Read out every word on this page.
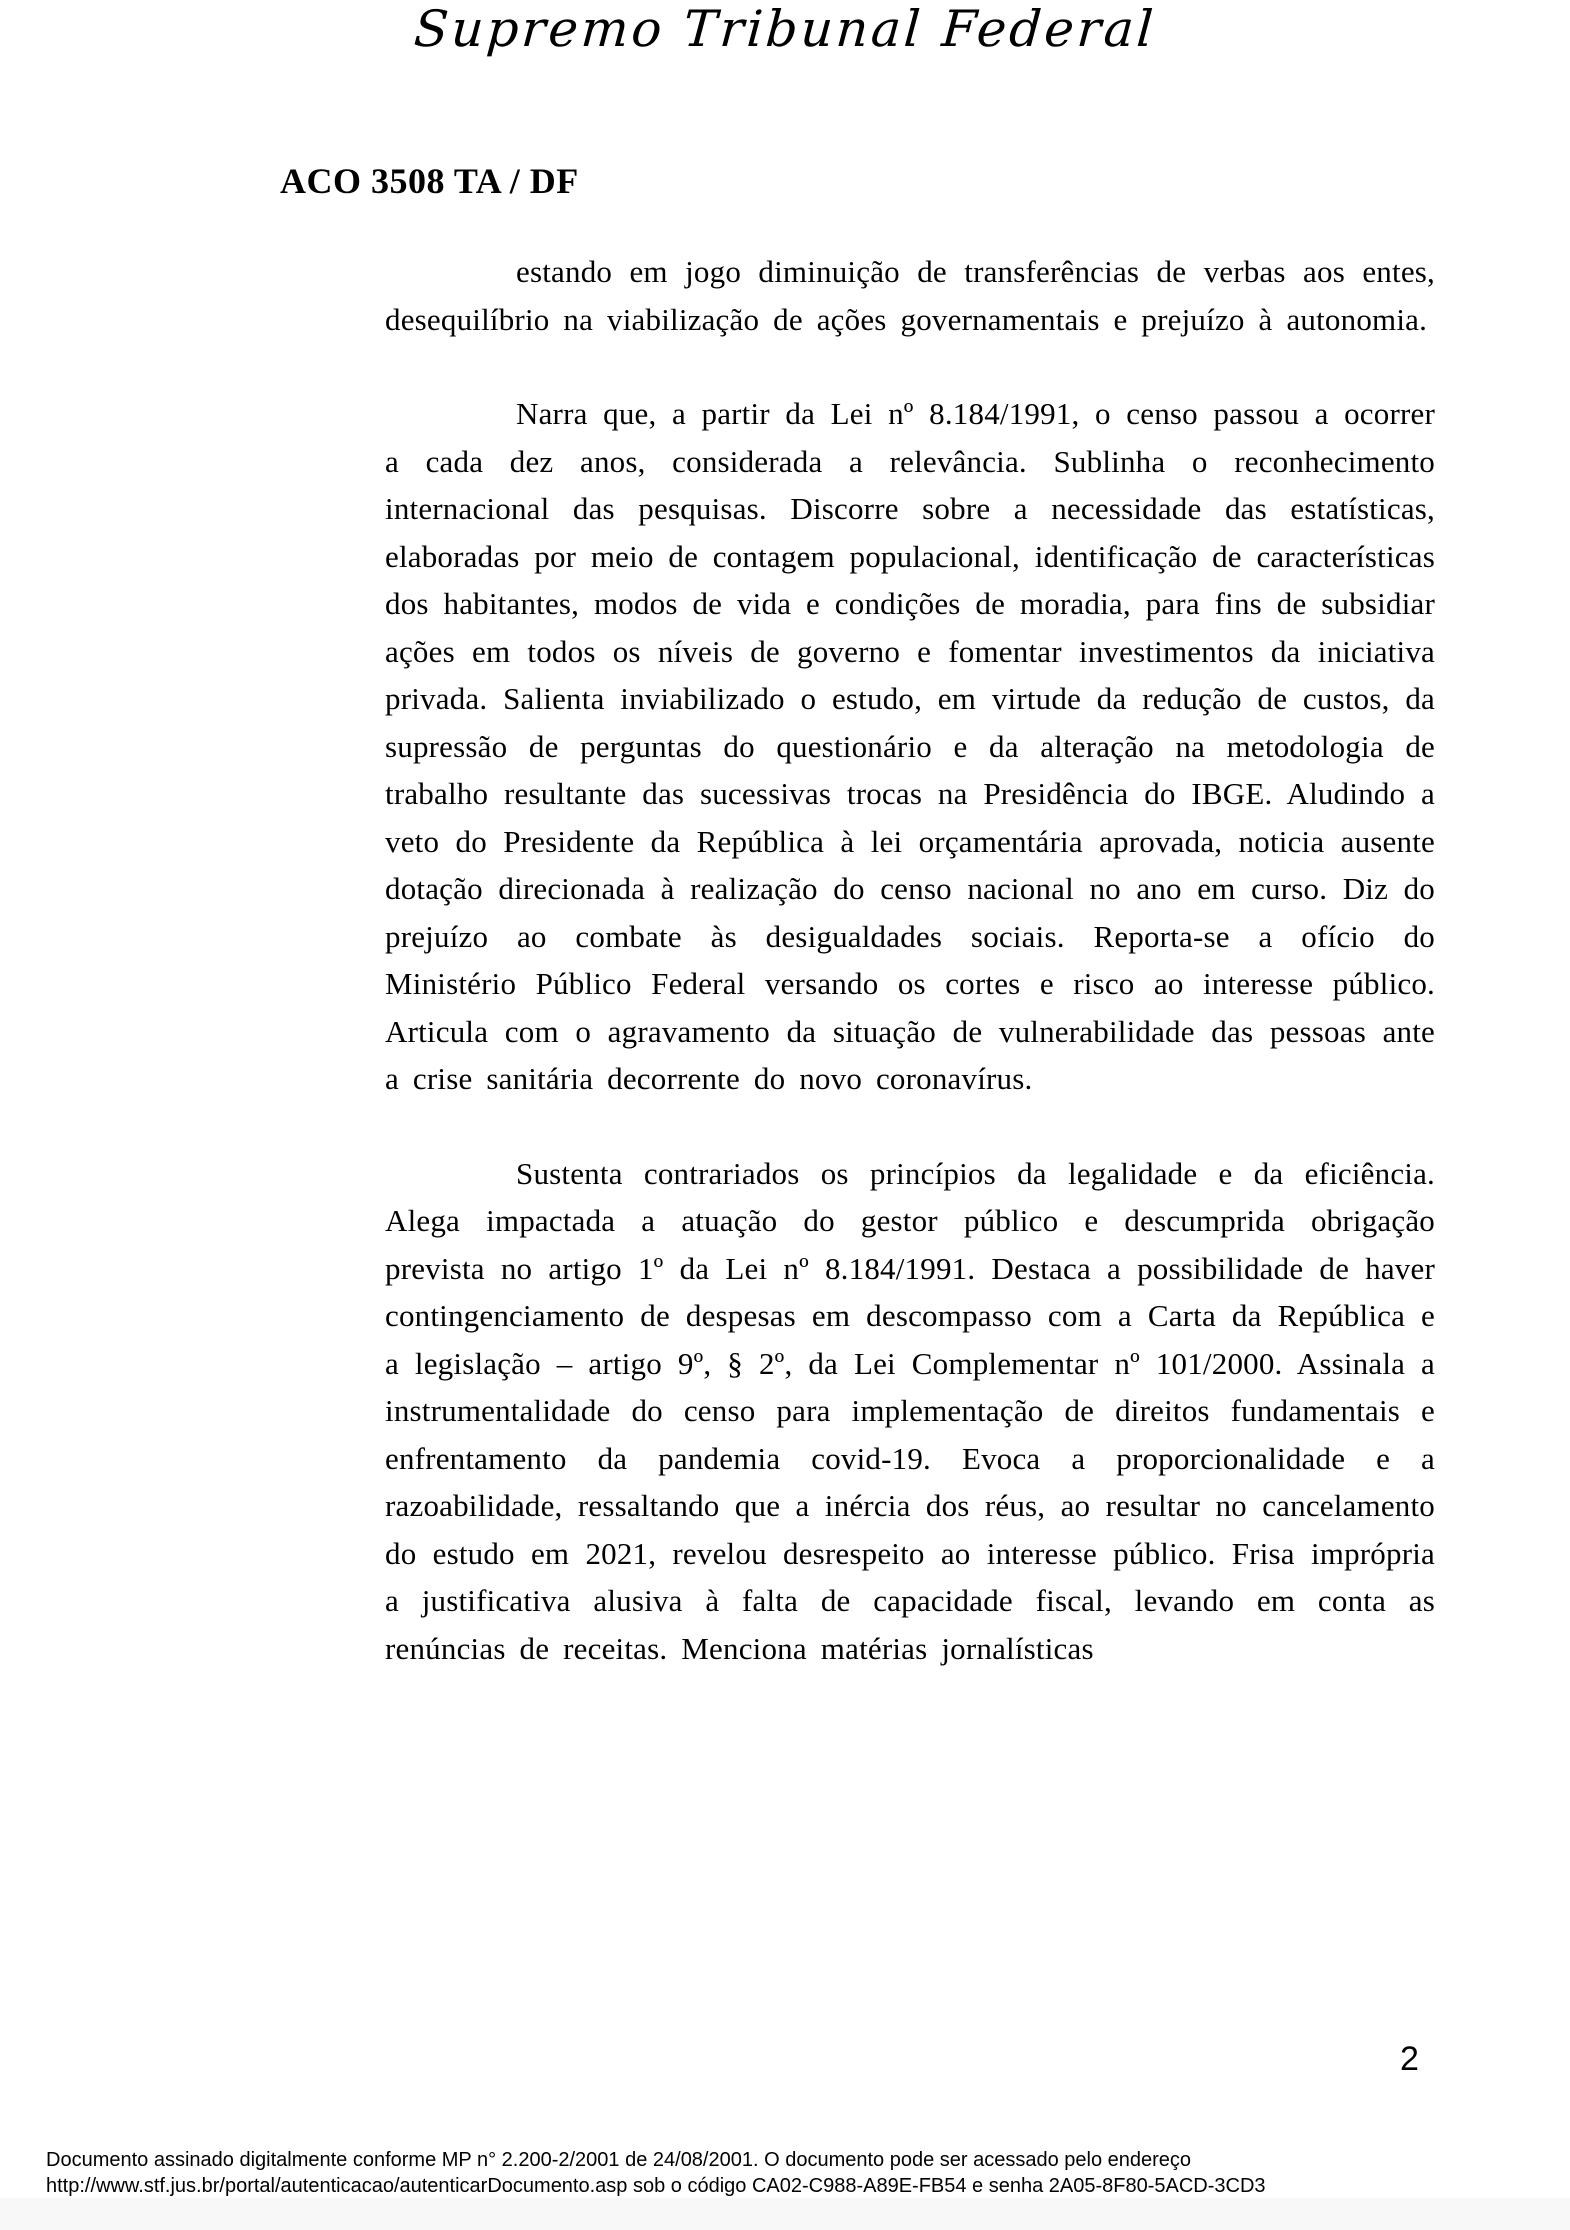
Supremo Tribunal Federal
ACO 3508 TA / DF

estando em jogo diminuição de transferências de verbas aos entes, desequilíbrio na viabilização de ações governamentais e prejuízo à autonomia.

Narra que, a partir da Lei nº 8.184/1991, o censo passou a ocorrer a cada dez anos, considerada a relevância. Sublinha o reconhecimento internacional das pesquisas. Discorre sobre a necessidade das estatísticas, elaboradas por meio de contagem populacional, identificação de características dos habitantes, modos de vida e condições de moradia, para fins de subsidiar ações em todos os níveis de governo e fomentar investimentos da iniciativa privada. Salienta inviabilizado o estudo, em virtude da redução de custos, da supressão de perguntas do questionário e da alteração na metodologia de trabalho resultante das sucessivas trocas na Presidência do IBGE. Aludindo a veto do Presidente da República à lei orçamentária aprovada, noticia ausente dotação direcionada à realização do censo nacional no ano em curso. Diz do prejuízo ao combate às desigualdades sociais. Reporta-se a ofício do Ministério Público Federal versando os cortes e risco ao interesse público. Articula com o agravamento da situação de vulnerabilidade das pessoas ante a crise sanitária decorrente do novo coronavírus.

Sustenta contrariados os princípios da legalidade e da eficiência. Alega impactada a atuação do gestor público e descumprida obrigação prevista no artigo 1º da Lei nº 8.184/1991. Destaca a possibilidade de haver contingenciamento de despesas em descompasso com a Carta da República e a legislação – artigo 9º, § 2º, da Lei Complementar nº 101/2000. Assinala a instrumentalidade do censo para implementação de direitos fundamentais e enfrentamento da pandemia covid-19. Evoca a proporcionalidade e a razoabilidade, ressaltando que a inércia dos réus, ao resultar no cancelamento do estudo em 2021, revelou desrespeito ao interesse público. Frisa imprópria a justificativa alusiva à falta de capacidade fiscal, levando em conta as renúncias de receitas. Menciona matérias jornalísticas

2
Documento assinado digitalmente conforme MP n° 2.200-2/2001 de 24/08/2001. O documento pode ser acessado pelo endereço
http://www.stf.jus.br/portal/autenticacao/autenticarDocumento.asp sob o código CA02-C988-A89E-FB54 e senha 2A05-8F80-5ACD-3CD3
